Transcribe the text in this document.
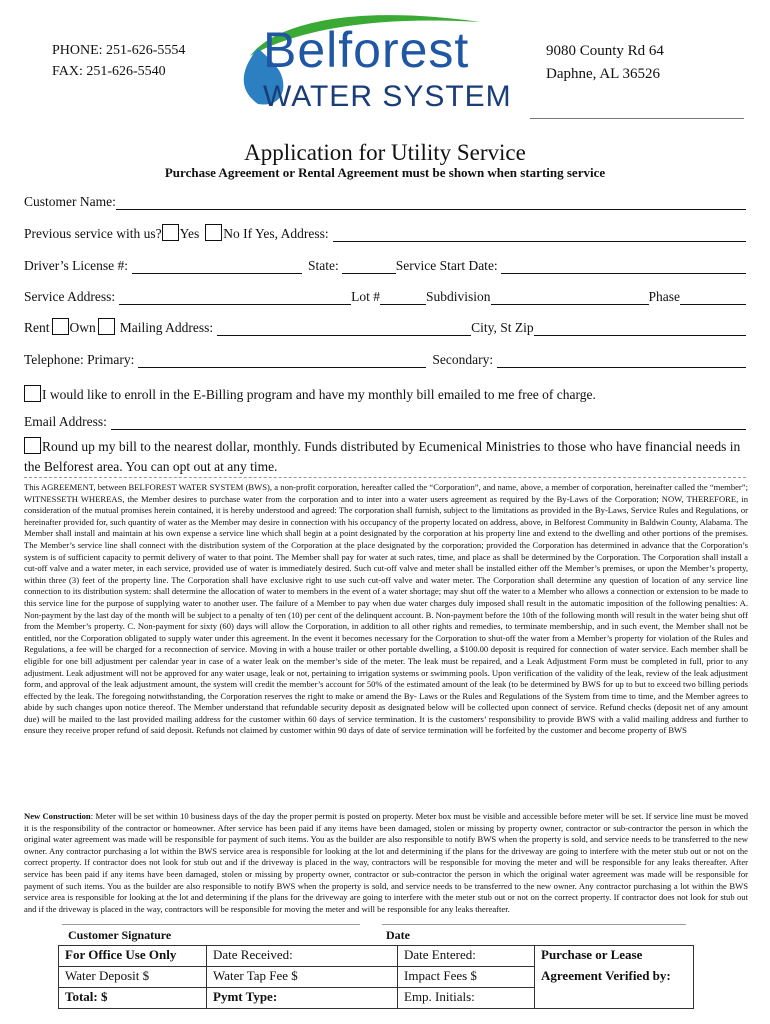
PHONE: 251-626-5554
FAX: 251-626-5540 Belforest
WATER SYSTEM
9080 County Rd 64
Daphne, AL 36526
Application for Utility Service
Purchase Agreement or Rental Agreement must be shown when starting service
Customer Name:
Previous service with us? Yes No If Yes, Address:
Driver’s License #:	State:	Service Start Date:
Service Address:	Lot #	Subdivision	Phase
Rent Own Mailing Address:	City, St Zip
Telephone: Primary:	Secondary:
I would like to enroll in the E-Billing program and have my monthly bill emailed to me free of charge.
Email Address:
Round up my bill to the nearest dollar, monthly. Funds distributed by Ecumenical Ministries to those who have financial needs in
the Belforest area. You can opt out at any time.
This AGREEMENT, between BELFOREST WATER SYSTEM (BWS), a non-profit corporation, hereafter called the “Corporation”, and name, above, a member of corporation, hereinafter called the “member”; WITNESSETH WHEREAS, the Member desires to purchase water from the corporation and to inter into a water users agreement as required by the By-Laws of the Corporation; NOW, THEREFORE, in consideration of the mutual promises herein contained, it is hereby understood and agreed: The corporation shall furnish, subject to the limitations as provided in the By-Laws, Service Rules and Regulations, or hereinafter provided for, such quantity of water as the Member may desire in connection with his occupancy of the property located on address, above, in Belforest Community in Baldwin County, Alabama. The Member shall install and maintain at his own expense a service line which shall begin at a point designated by the corporation at his property line and extend to the dwelling and other portions of the premises. The Member’s service line shall connect with the distribution system of the Corporation at the place designated by the corporation; provided the Corporation has determined in advance that the Corporation’s system is of sufficient capacity to permit delivery of water to that point. The Member shall pay for water at such rates, time, and place as shall be determined by the Corporation. The Corporation shall install a cut-off valve and a water meter, in each service, provided use of water is immediately desired. Such cut-off valve and meter shall be installed either off the Member’s premises, or upon the Member’s property, within three (3) feet of the property line. The Corporation shall have exclusive right to use such cut-off valve and water meter. The Corporation shall determine any question of location of any service line connection to its distribution system: shall determine the allocation of water to members in the event of a water shortage; may shut off the water to a Member who allows a connection or extension to be made to this service line for the purpose of supplying water to another user. The failure of a Member to pay when due water charges duly imposed shall result in the automatic imposition of the following penalties: A. Non-payment by the last day of the month will be subject to a penalty of ten (10) per cent of the delinquent account. B. Non-payment before the 10th of the following month will result in the water being shut off from the Member’s property. C. Non-payment for sixty (60) days will allow the Corporation, in addition to all other rights and remedies, to terminate membership, and in such event, the Member shall not be entitled, nor the Corporation obligated to supply water under this agreement. In the event it becomes necessary for the Corporation to shut-off the water from a Member’s property for violation of the Rules and Regulations, a fee will be charged for a reconnection of service. Moving in with a house trailer or other portable dwelling, a $100.00 deposit is required for connection of water service. Each member shall be eligible for one bill adjustment per calendar year in case of a water leak on the member’s side of the meter. The leak must be repaired, and a Leak Adjustment Form must be completed in full, prior to any adjustment. Leak adjustment will not be approved for any water usage, leak or not, pertaining to irrigation systems or swimming pools. Upon verification of the validity of the leak, review of the leak adjustment form, and approval of the leak adjustment amount, the system will credit the member’s account for 50% of the estimated amount of the leak (to be determined by BWS for up to but to exceed two billing periods effected by the leak. The foregoing notwithstanding, the Corporation reserves the right to make or amend the By- Laws or the Rules and Regulations of the System from time to time, and the Member agrees to abide by such changes upon notice thereof. The Member understand that refundable security deposit as designated below will be collected upon connect of service. Refund checks (deposit net of any amount due) will be mailed to the last provided mailing address for the customer within 60 days of service termination. It is the customers’ responsibility to provide BWS with a valid mailing address and further to ensure they receive proper refund of said deposit. Refunds not claimed by customer within 90 days of date of service termination will be forfeited by the customer and become property of BWS
New Construction: Meter will be set within 10 business days of the day the proper permit is posted on property. Meter box must be visible and accessible before meter will be set. If service line must be moved it is the responsibility of the contractor or homeowner. After service has been paid if any items have been damaged, stolen or missing by property owner, contractor or sub-contractor the person in which the original water agreement was made will be responsible for payment of such items. You as the builder are also responsible to notify BWS when the property is sold, and service needs to be transferred to the new owner. Any contractor purchasing a lot within the BWS service area is responsible for looking at the lot and determining if the plans for the driveway are going to interfere with the meter stub out or not on the correct property. If contractor does not look for stub out and if the driveway is placed in the way, contractors will be responsible for moving the meter and will be responsible for any leaks thereafter. After service has been paid if any items have been damaged, stolen or missing by property owner, contractor or sub-contractor the person in which the original water agreement was made will be responsible for payment of such items. You as the builder are also responsible to notify BWS when the property is sold, and service needs to be transferred to the new owner. Any contractor purchasing a lot within the BWS service area is responsible for looking at the lot and determining if the plans for the driveway are going to interfere with the meter stub out or not on the correct property. If contractor does not look for stub out and if the driveway is placed in the way, contractors will be responsible for moving the meter and will be responsible for any leaks thereafter.
Customer Signature	Date
For Office Use Only	Date Received:	Date Entered:	Purchase or Lease
Water Deposit $	Water Tap Fee $	Impact Fees $	Agreement Verified by:
Total: $	Pymt Type:	Emp. Initials:	
